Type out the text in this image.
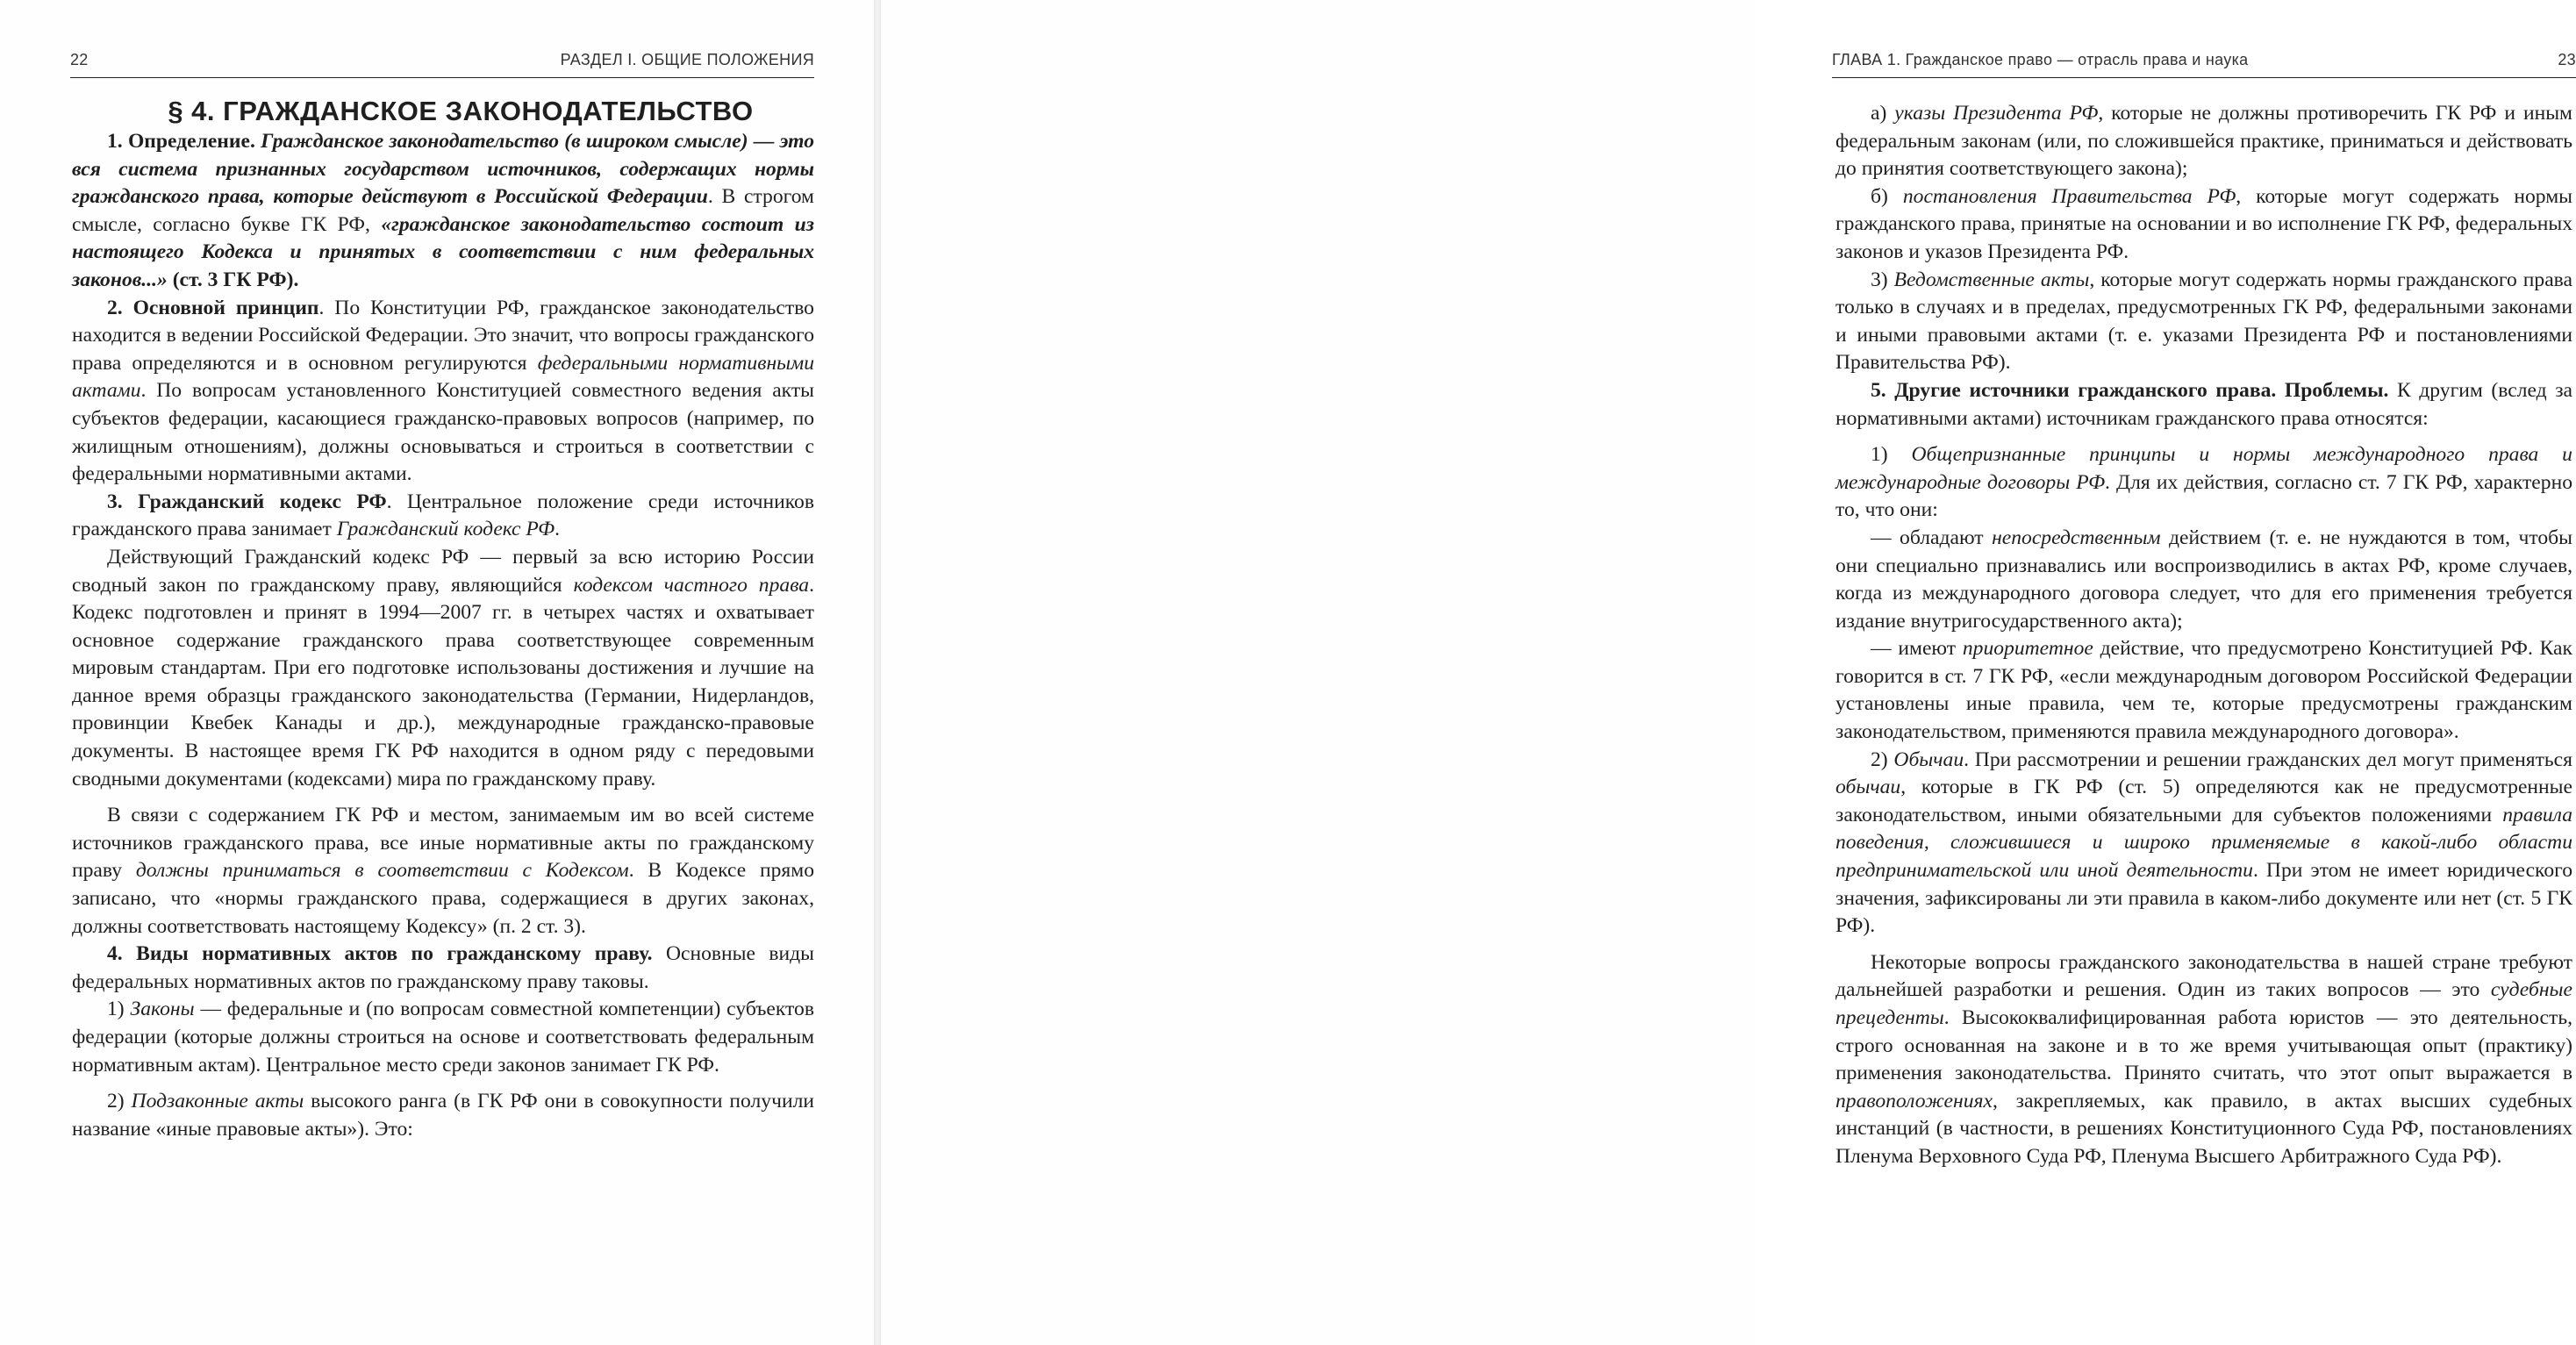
22	РАЗДЕЛ I. ОБЩИЕ ПОЛОЖЕНИЯ

§ 4. ГРАЖДАНСКОЕ ЗАКОНОДАТЕЛЬСТВО

1. Определение. Гражданское законодательство (в широком смысле) — это вся система признанных государством источников, содержащих нормы гражданского права, которые действуют в Российской Федерации. В строгом смысле, согласно букве ГК РФ, «гражданское законодательство состоит из настоящего Кодекса и принятых в соответствии с ним федеральных законов...» (ст. 3 ГК РФ).

2. Основной принцип. По Конституции РФ, гражданское законодательство находится в ведении Российской Федерации. Это значит, что вопросы гражданского права определяются и в основном регулируются федеральными нормативными актами. По вопросам установленного Конституцией совместного ведения акты субъектов федерации, касающиеся гражданско-правовых вопросов (например, по жилищным отношениям), должны основываться и строиться в соответствии с федеральными нормативными актами.

3. Гражданский кодекс РФ. Центральное положение среди источников гражданского права занимает Гражданский кодекс РФ.

Действующий Гражданский кодекс РФ — первый за всю историю России сводный закон по гражданскому праву, являющийся кодексом частного права. Кодекс подготовлен и принят в 1994—2007 гг. в четырех частях и охватывает основное содержание гражданского права соответствующее современным мировым стандартам. При его подготовке использованы достижения и лучшие на данное время образцы гражданского законодательства (Германии, Нидерландов, провинции Квебек Канады и др.), международные гражданско-правовые документы. В настоящее время ГК РФ находится в одном ряду с передовыми сводными документами (кодексами) мира по гражданскому праву.

В связи с содержанием ГК РФ и местом, занимаемым им во всей системе источников гражданского права, все иные нормативные акты по гражданскому праву должны приниматься в соответствии с Кодексом. В Кодексе прямо записано, что «нормы гражданского права, содержащиеся в других законах, должны соответствовать настоящему Кодексу» (п. 2 ст. 3).

4. Виды нормативных актов по гражданскому праву. Основные виды федеральных нормативных актов по гражданскому праву таковы.

1) Законы — федеральные и (по вопросам совместной компетенции) субъектов федерации (которые должны строиться на основе и соответствовать федеральным нормативным актам). Центральное место среди законов занимает ГК РФ.

2) Подзаконные акты высокого ранга (в ГК РФ они в совокупности получили название «иные правовые акты»). Это:

ГЛАВА 1. Гражданское право — отрасль права и наука	23

а) указы Президента РФ, которые не должны противоречить ГК РФ и иным федеральным законам (или, по сложившейся практике, приниматься и действовать до принятия соответствующего закона);

б) постановления Правительства РФ, которые могут содержать нормы гражданского права, принятые на основании и во исполнение ГК РФ, федеральных законов и указов Президента РФ.

3) Ведомственные акты, которые могут содержать нормы гражданского права только в случаях и в пределах, предусмотренных ГК РФ, федеральными законами и иными правовыми актами (т. е. указами Президента РФ и постановлениями Правительства РФ).

5. Другие источники гражданского права. Проблемы. К другим (вслед за нормативными актами) источникам гражданского права относятся:

1) Общепризнанные принципы и нормы международного права и международные договоры РФ. Для их действия, согласно ст. 7 ГК РФ, характерно то, что они:

— обладают непосредственным действием (т. е. не нуждаются в том, чтобы они специально признавались или воспроизводились в актах РФ, кроме случаев, когда из международного договора следует, что для его применения требуется издание внутригосударственного акта);

— имеют приоритетное действие, что предусмотрено Конституцией РФ. Как говорится в ст. 7 ГК РФ, «если международным договором Российской Федерации установлены иные правила, чем те, которые предусмотрены гражданским законодательством, применяются правила международного договора».

2) Обычаи. При рассмотрении и решении гражданских дел могут применяться обычаи, которые в ГК РФ (ст. 5) определяются как не предусмотренные законодательством, иными обязательными для субъектов положениями правила поведения, сложившиеся и широко применяемые в какой-либо области предпринимательской или иной деятельности. При этом не имеет юридического значения, зафиксированы ли эти правила в каком-либо документе или нет (ст. 5 ГК РФ).

Некоторые вопросы гражданского законодательства в нашей стране требуют дальнейшей разработки и решения. Один из таких вопросов — это судебные прецеденты. Высококвалифицированная работа юристов — это деятельность, строго основанная на законе и в то же время учитывающая опыт (практику) применения законодательства. Принято считать, что этот опыт выражается в правоположениях, закрепляемых, как правило, в актах высших судебных инстанций (в частности, в решениях Конституционного Суда РФ, постановлениях Пленума Верховного Суда РФ, Пленума Высшего Арбитражного Суда РФ).
